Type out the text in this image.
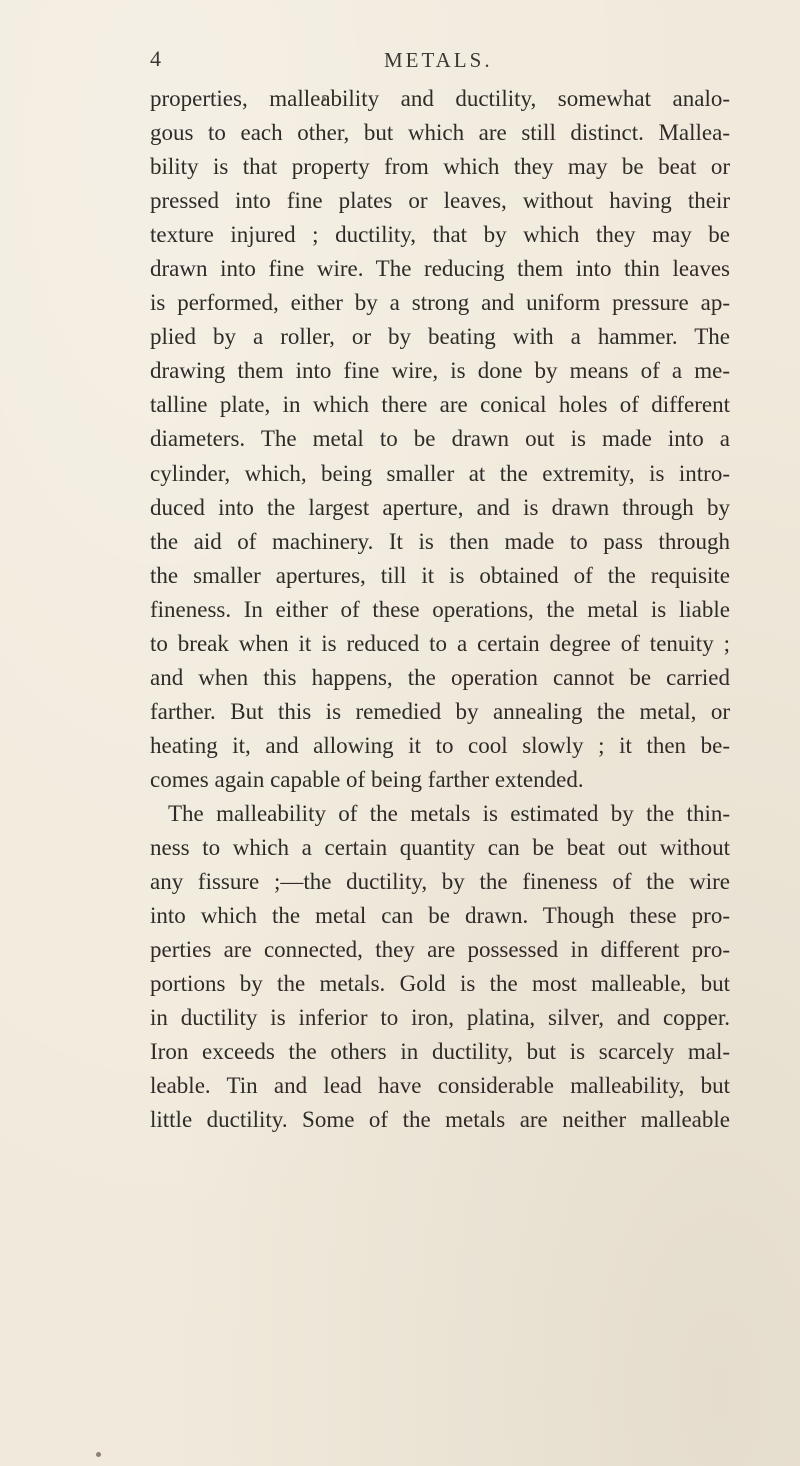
4	METALS.
properties, malleability and ductility, somewhat analo-
gous to each other, but which are still distinct. Mallea-
bility is that property from which they may be beat or
pressed into fine plates or leaves, without having their
texture injured ; ductility, that by which they may be
drawn into fine wire. The reducing them into thin leaves
is performed, either by a strong and uniform pressure ap-
plied by a roller, or by beating with a hammer. The
drawing them into fine wire, is done by means of a me-
talline plate, in which there are conical holes of different
diameters. The metal to be drawn out is made into a
cylinder, which, being smaller at the extremity, is intro-
duced into the largest aperture, and is drawn through by
the aid of machinery. It is then made to pass through
the smaller apertures, till it is obtained of the requisite
fineness. In either of these operations, the metal is liable
to break when it is reduced to a certain degree of tenuity ;
and when this happens, the operation cannot be carried
farther. But this is remedied by annealing the metal, or
heating it, and allowing it to cool slowly ; it then be-
comes again capable of being farther extended.
The malleability of the metals is estimated by the thin-
ness to which a certain quantity can be beat out without
any fissure ;—the ductility, by the fineness of the wire
into which the metal can be drawn. Though these pro-
perties are connected, they are possessed in different pro-
portions by the metals. Gold is the most malleable, but
in ductility is inferior to iron, platina, silver, and copper.
Iron exceeds the others in ductility, but is scarcely mal-
leable. Tin and lead have considerable malleability, but
little ductility. Some of the metals are neither malleable
